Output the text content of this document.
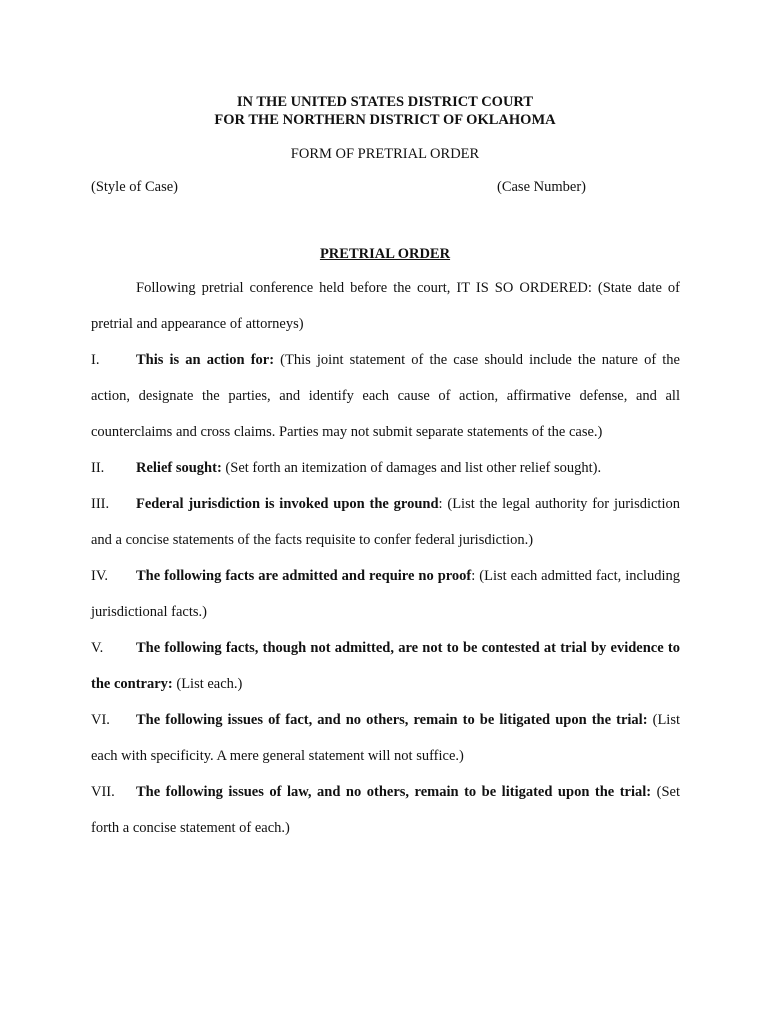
IN THE UNITED STATES DISTRICT COURT
FOR THE NORTHERN DISTRICT OF OKLAHOMA
FORM OF PRETRIAL ORDER
(Style of Case)	(Case Number)
PRETRIAL ORDER

Following pretrial conference held before the court, IT IS SO ORDERED: (State date of pretrial and appearance of attorneys)

I.	This is an action for: (This joint statement of the case should include the nature of the action, designate the parties, and identify each cause of action, affirmative defense, and all counterclaims and cross claims. Parties may not submit separate statements of the case.)

II. Relief sought: (Set forth an itemization of damages and list other relief sought).

III. Federal jurisdiction is invoked upon the ground: (List the legal authority for jurisdiction and a concise statements of the facts requisite to confer federal jurisdiction.)

IV. The following facts are admitted and require no proof: (List each admitted fact, including jurisdictional facts.)

V. The following facts, though not admitted, are not to be contested at trial by evidence to the contrary: (List each.)

VI. The following issues of fact, and no others, remain to be litigated upon the trial: (List each with specificity. A mere general statement will not suffice.)

VII. The following issues of law, and no others, remain to be litigated upon the trial: (Set forth a concise statement of each.)
